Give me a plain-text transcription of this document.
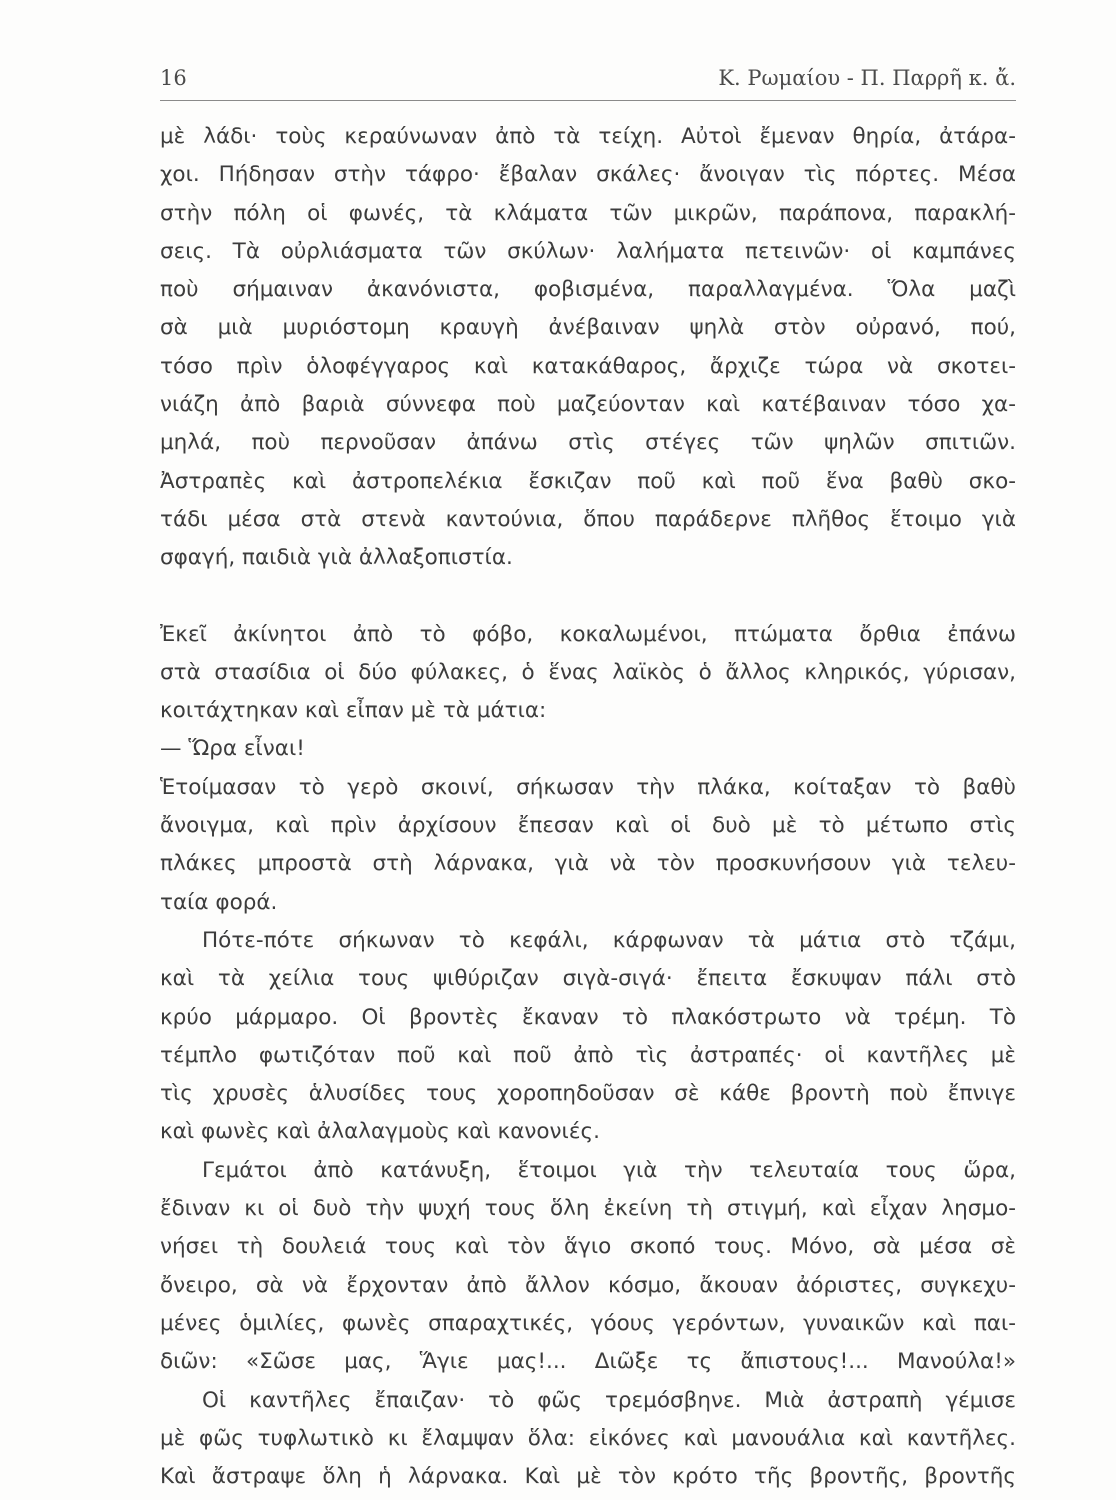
16	Κ. Ρωμαίου - Π. Παρρῆ κ. ἄ.
μὲ λάδι· τοὺς κεραύνωναν ἀπὸ τὰ τείχη. Αὐτοὶ ἔμεναν θηρία, ἀτάρα-
χοι. Πήδησαν στὴν τάφρο· ἔβαλαν σκάλες· ἄνοιγαν τὶς πόρτες. Μέσα
στὴν πόλη οἱ φωνές, τὰ κλάματα τῶν μικρῶν, παράπονα, παρακλή-
σεις. Τὰ οὐρλιάσματα τῶν σκύλων· λαλήματα πετεινῶν· οἱ καμπάνες
ποὺ σήμαιναν ἀκανόνιστα, φοβισμένα, παραλλαγμένα. Ὅλα μαζὶ
σὰ μιὰ μυριόστομη κραυγὴ ἀνέβαιναν ψηλὰ στὸν οὐρανό, πού,
τόσο πρὶν ὁλοφέγγαρος καὶ κατακάθαρος, ἄρχιζε τώρα νὰ σκοτει-
νιάζη ἀπὸ βαριὰ σύννεφα ποὺ μαζεύονταν καὶ κατέβαιναν τόσο χα-
μηλά, ποὺ περνοῦσαν ἀπάνω στὶς στέγες τῶν ψηλῶν σπιτιῶν.
Ἀστραπὲς καὶ ἀστροπελέκια ἔσκιζαν ποῦ καὶ ποῦ ἕνα βαθὺ σκο-
τάδι μέσα στὰ στενὰ καντούνια, ὅπου παράδερνε πλῆθος ἕτοιμο γιὰ
σφαγή, παιδιὰ γιὰ ἀλλαξοπιστία.
Ἐκεῖ ἀκίνητοι ἀπὸ τὸ φόβο, κοκαλωμένοι, πτώματα ὄρθια ἐπάνω
στὰ στασίδια οἱ δύο φύλακες, ὁ ἕνας λαϊκὸς ὁ ἄλλος κληρικός, γύρισαν,
κοιτάχτηκαν καὶ εἶπαν μὲ τὰ μάτια:
— Ὥρα εἶναι!
Ἑτοίμασαν τὸ γερὸ σκοινί, σήκωσαν τὴν πλάκα, κοίταξαν τὸ βαθὺ
ἄνοιγμα, καὶ πρὶν ἀρχίσουν ἔπεσαν καὶ οἱ δυὸ μὲ τὸ μέτωπο στὶς
πλάκες μπροστὰ στὴ λάρνακα, γιὰ νὰ τὸν προσκυνήσουν γιὰ τελευ-
ταία φορά.
Πότε-πότε σήκωναν τὸ κεφάλι, κάρφωναν τὰ μάτια στὸ τζάμι,
καὶ τὰ χείλια τους ψιθύριζαν σιγὰ-σιγά· ἔπειτα ἔσκυψαν πάλι στὸ
κρύο μάρμαρο. Οἱ βροντὲς ἔκαναν τὸ πλακόστρωτο νὰ τρέμη. Τὸ
τέμπλο φωτιζόταν ποῦ καὶ ποῦ ἀπὸ τὶς ἀστραπές· οἱ καντῆλες μὲ
τὶς χρυσὲς ἁλυσίδες τους χοροπηδοῦσαν σὲ κάθε βροντὴ ποὺ ἔπνιγε
καὶ φωνὲς καὶ ἀλαλαγμοὺς καὶ κανονιές.
Γεμάτοι ἀπὸ κατάνυξη, ἕτοιμοι γιὰ τὴν τελευταία τους ὥρα,
ἔδιναν κι οἱ δυὸ τὴν ψυχή τους ὅλη ἐκείνη τὴ στιγμή, καὶ εἶχαν λησμο-
νήσει τὴ δουλειά τους καὶ τὸν ἅγιο σκοπό τους. Μόνο, σὰ μέσα σὲ
ὄνειρο, σὰ νὰ ἔρχονταν ἀπὸ ἄλλον κόσμο, ἄκουαν ἀόριστες, συγκεχυ-
μένες ὁμιλίες, φωνὲς σπαραχτικές, γόους γερόντων, γυναικῶν καὶ παι-
διῶν: «Σῶσε μας, Ἅγιε μας!... Διῶξε τς ἄπιστους!... Μανούλα!»
Οἱ καντῆλες ἔπαιζαν· τὸ φῶς τρεμόσβηνε. Μιὰ ἀστραπὴ γέμισε
μὲ φῶς τυφλωτικὸ κι ἔλαμψαν ὅλα: εἰκόνες καὶ μανουάλια καὶ καντῆλες.
Καὶ ἄστραψε ὅλη ἡ λάρνακα. Καὶ μὲ τὸν κρότο τῆς βροντῆς, βροντῆς
